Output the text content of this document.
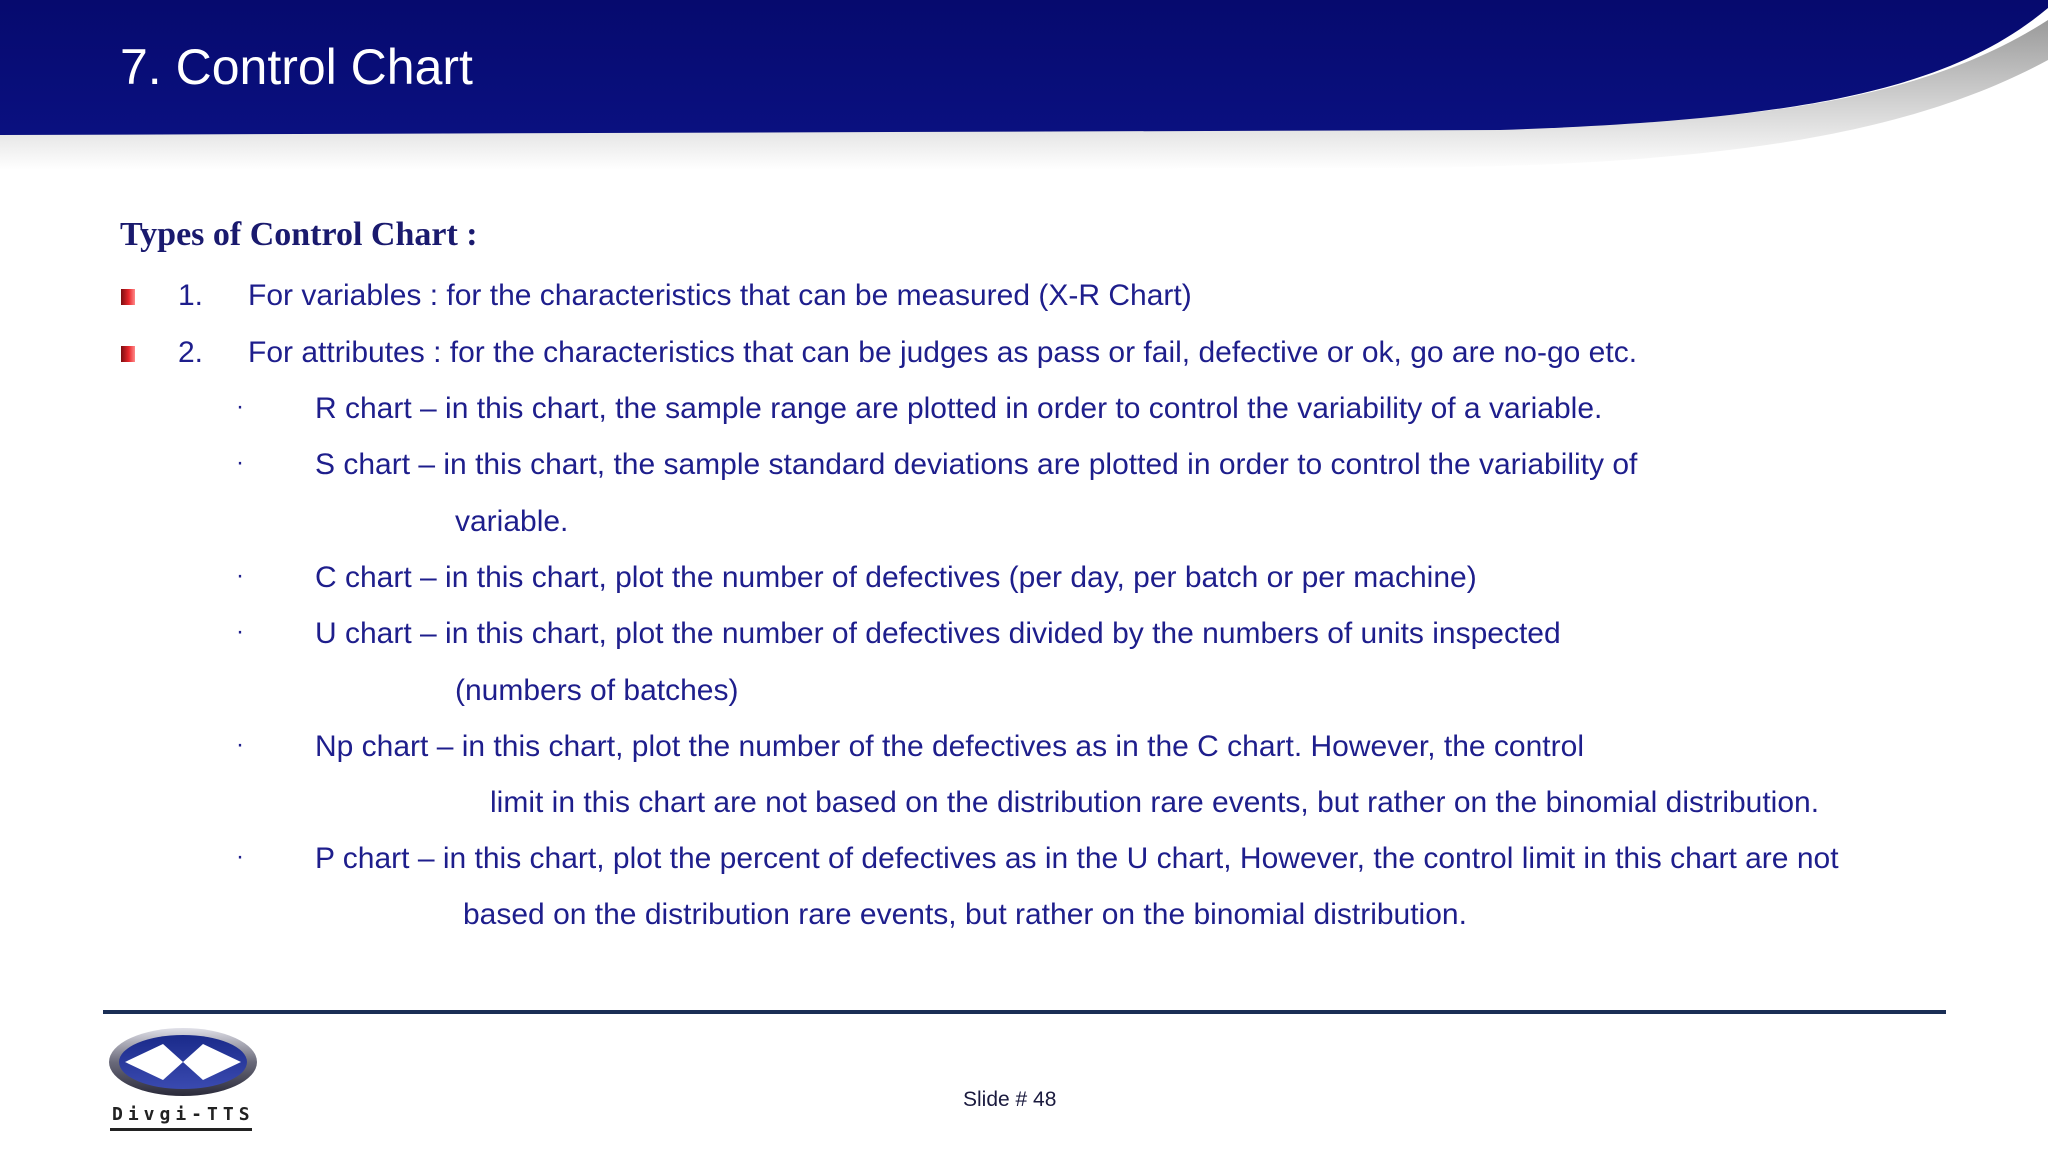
7. Control Chart
Types of Control Chart :
1. For variables : for the characteristics that can be measured (X-R Chart)
2. For attributes : for the characteristics that can be judges as pass or fail, defective or ok, go are no-go etc.
· R chart – in this chart, the sample range are plotted in order to control the variability of a variable.
· S chart – in this chart, the sample standard deviations are plotted in order to control the variability of
variable.
· C chart – in this chart, plot the number of defectives (per day, per batch or per machine)
· U chart – in this chart, plot the number of defectives divided by the numbers of units inspected
(numbers of batches)
· Np chart – in this chart, plot the number of the defectives as in the C chart. However, the control
limit in this chart are not based on the distribution rare events, but rather on the binomial distribution.
· P chart – in this chart, plot the percent of defectives as in the U chart, However, the control limit in this chart are not
based on the distribution rare events, but rather on the binomial distribution.
Divgi-TTS
Slide # 48
